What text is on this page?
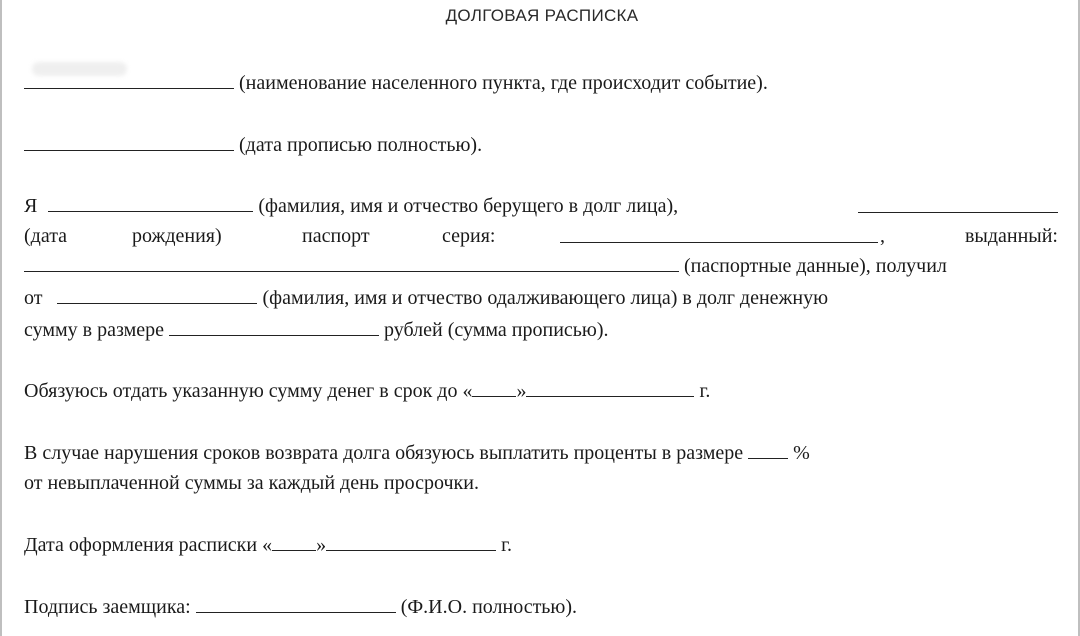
ДОЛГОВАЯ РАСПИСКА
(наименование населенного пункта, где происходит событие).
(дата прописью полностью).
Я	(фамилия, имя и отчество берущего в долг лица),
(дата	рождения)	паспорт	серия:	,	выданный:
(паспортные данные), получил
от	(фамилия, имя и отчество одалживающего лица) в долг денежную
сумму в размере	рублей (сумма прописью).
Обязуюсь отдать указанную сумму денег в срок до « »	г.
В случае нарушения сроков возврата долга обязуюсь выплатить проценты в размере	%
от невыплаченной суммы за каждый день просрочки.
Дата оформления расписки « »	г.
Подпись заемщика:	(Ф.И.О. полностью).
